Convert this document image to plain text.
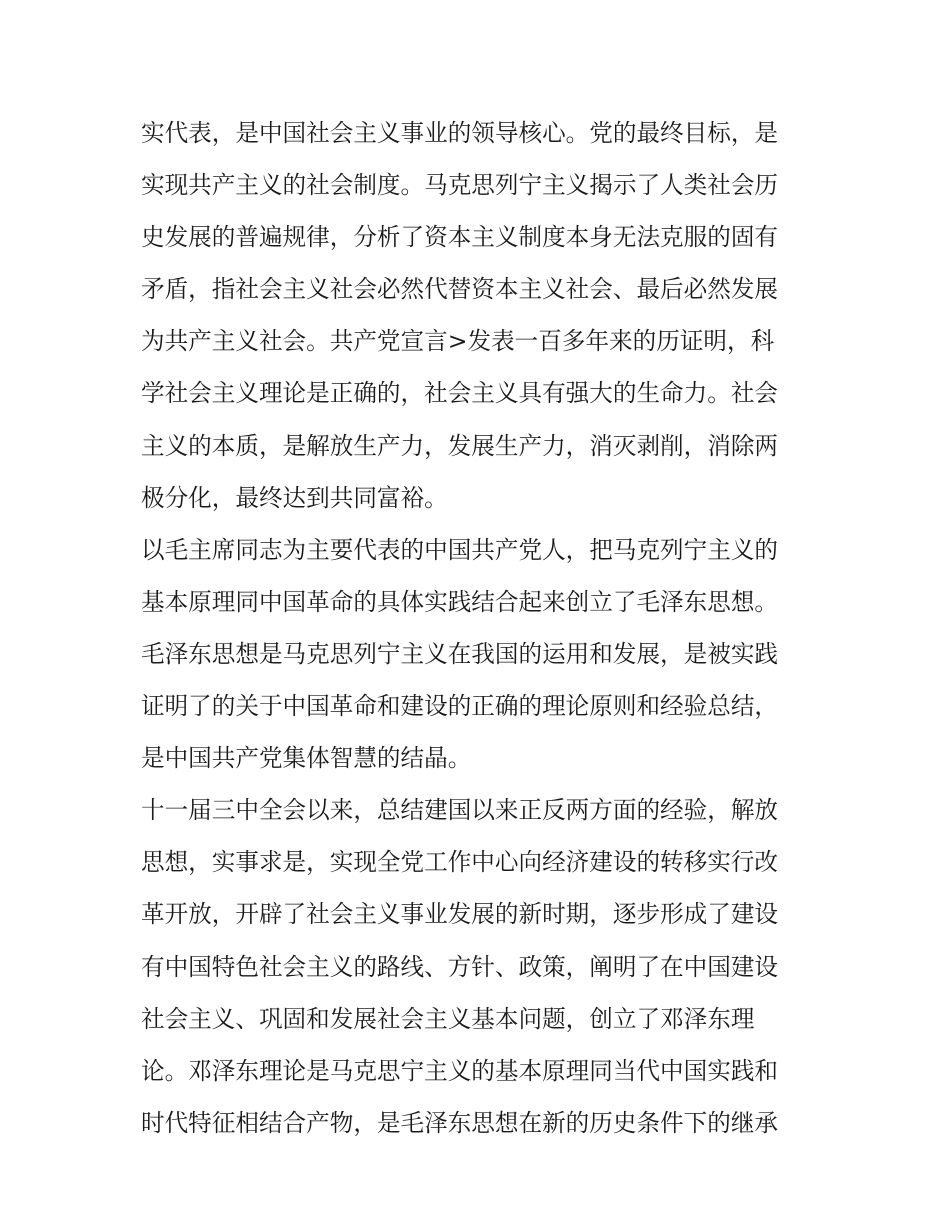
实代表，是中国社会主义事业的领导核心。党的最终目标，是
实现共产主义的社会制度。马克思列宁主义揭示了人类社会历
史发展的普遍规律，分析了资本主义制度本身无法克服的固有
矛盾，指社会主义社会必然代替资本主义社会、最后必然发展
为共产主义社会。共产党宣言>发表一百多年来的历证明，科
学社会主义理论是正确的，社会主义具有强大的生命力。社会
主义的本质，是解放生产力，发展生产力，消灭剥削，消除两
极分化，最终达到共同富裕。
以毛主席同志为主要代表的中国共产党人，把马克列宁主义的
基本原理同中国革命的具体实践结合起来创立了毛泽东思想。
毛泽东思想是马克思列宁主义在我国的运用和发展，是被实践
证明了的关于中国革命和建设的正确的理论原则和经验总结，
是中国共产党集体智慧的结晶。
十一届三中全会以来，总结建国以来正反两方面的经验，解放
思想，实事求是，实现全党工作中心向经济建设的转移实行改
革开放，开辟了社会主义事业发展的新时期，逐步形成了建设
有中国特色社会主义的路线、方针、政策，阐明了在中国建设
社会主义、巩固和发展社会主义基本问题，创立了邓泽东理
论。邓泽东理论是马克思宁主义的基本原理同当代中国实践和
时代特征相结合产物，是毛泽东思想在新的历史条件下的继承
